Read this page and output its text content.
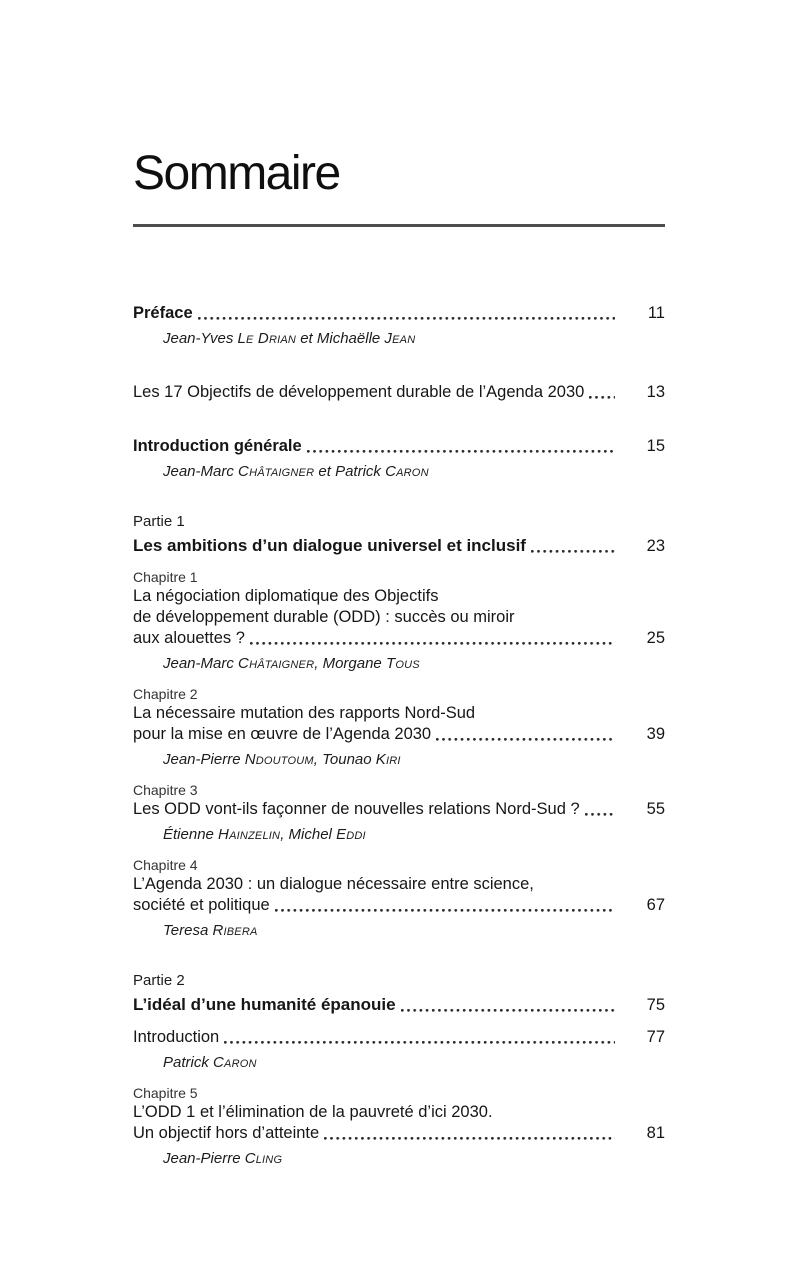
Sommaire
Préface	11
Jean-Yves Le Drian et Michaëlle Jean
Les 17 Objectifs de développement durable de l’Agenda 2030	13
Introduction générale	15
Jean-Marc Châtaigner et Patrick Caron
Partie 1
Les ambitions d’un dialogue universel et inclusif	23
Chapitre 1
La négociation diplomatique des Objectifs
de développement durable (ODD) : succès ou miroir
aux alouettes ?	25
Jean-Marc Châtaigner, Morgane Tous
Chapitre 2
La nécessaire mutation des rapports Nord-Sud
pour la mise en œuvre de l’Agenda 2030	39
Jean-Pierre Ndoutoum, Tounao Kiri
Chapitre 3
Les ODD vont-ils façonner de nouvelles relations Nord-Sud ?	55
Étienne Hainzelin, Michel Eddi
Chapitre 4
L’Agenda 2030 : un dialogue nécessaire entre science,
société et politique	67
Teresa Ribera
Partie 2
L’idéal d’une humanité épanouie	75
Introduction	77
Patrick Caron
Chapitre 5
L’ODD 1 et l’élimination de la pauvreté d’ici 2030.
Un objectif hors d’atteinte	81
Jean-Pierre Cling
